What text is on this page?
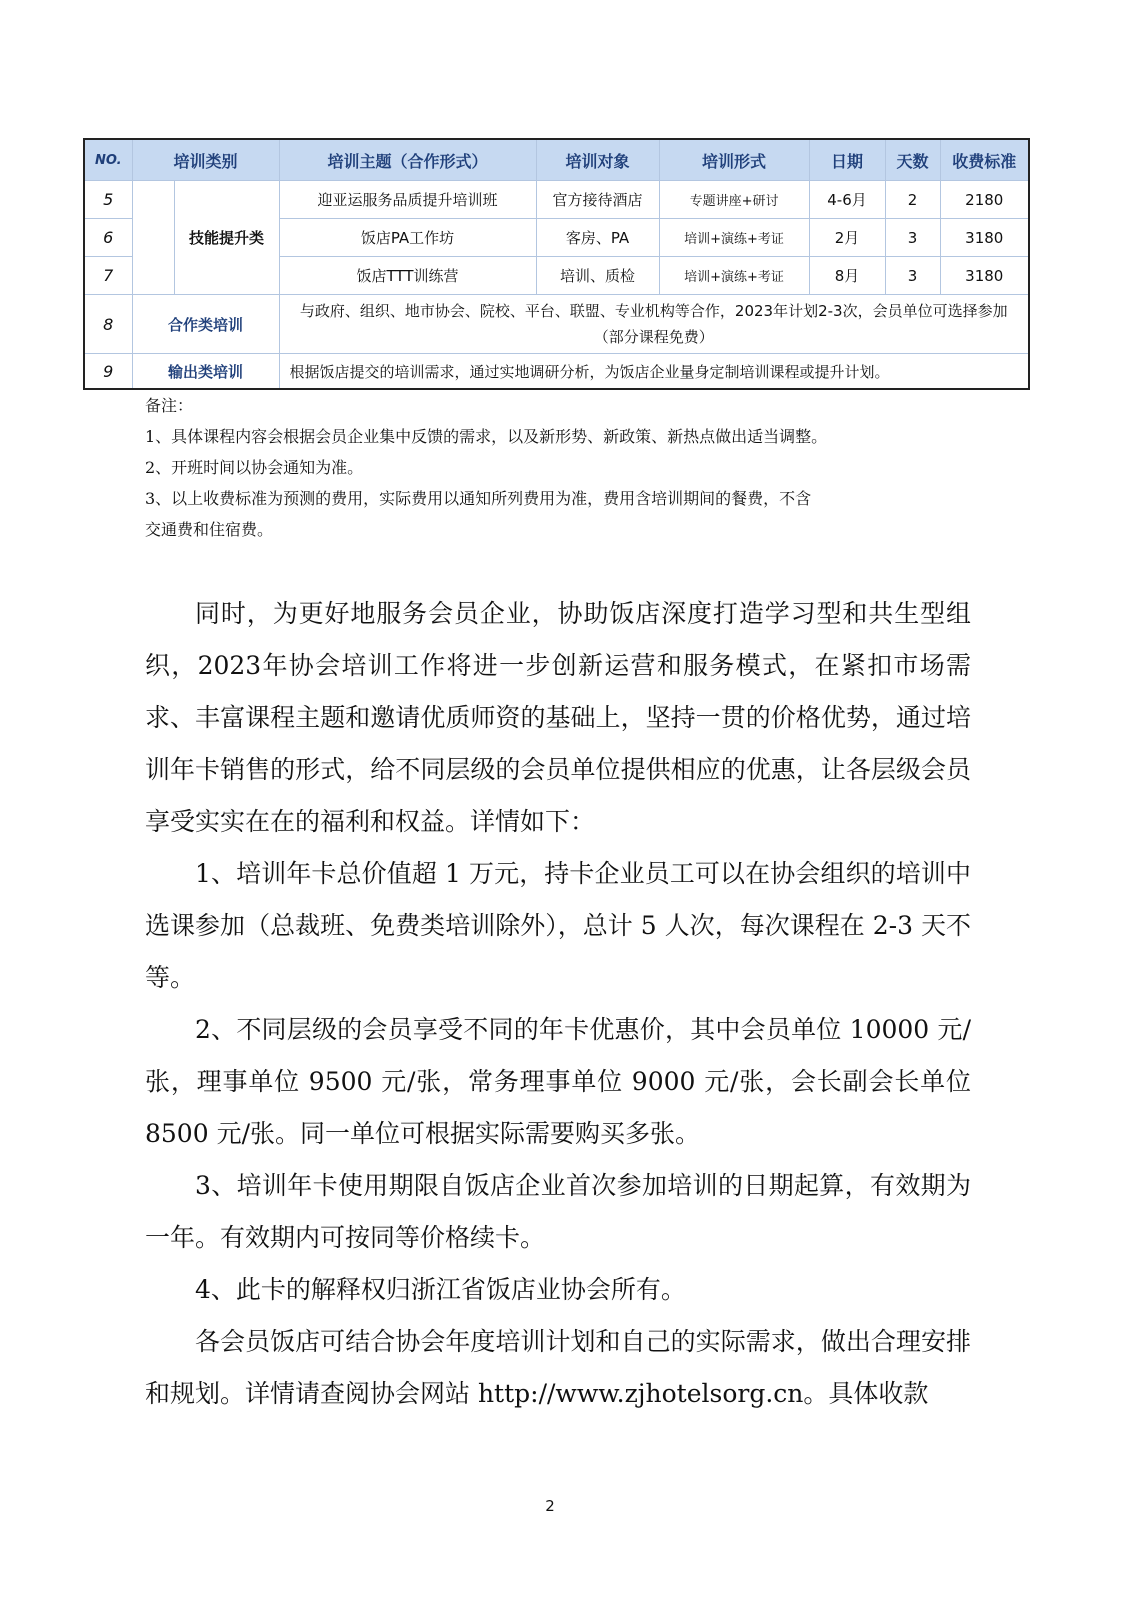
NO.	培训类别		培训主题（合作形式）	培训对象	培训形式	日期	天数	收费标准
5		技能提升类	迎亚运服务品质提升培训班	官方接待酒店	专题讲座+研讨	4-6月	2	2180
6			饭店PA工作坊	客房、PA	培训+演练+考证	2月	3	3180
7			饭店TTT训练营	培训、质检	培训+演练+考证	8月	3	3180
8	合作类培训		与政府、组织、地市协会、院校、平台、联盟、专业机构等合作，2023年计划2-3次，会员单位可选择参加（部分课程免费）					
9	输出类培训		根据饭店提交的培训需求，通过实地调研分析，为饭店企业量身定制培训课程或提升计划。					
备注：
1、具体课程内容会根据会员企业集中反馈的需求，以及新形势、新政策、新热点做出适当调整。
2、开班时间以协会通知为准。
3、以上收费标准为预测的费用，实际费用以通知所列费用为准，费用含培训期间的餐费，不含
交通费和住宿费。

同时，为更好地服务会员企业，协助饭店深度打造学习型和共生型组织，2023年协会培训工作将进一步创新运营和服务模式，在紧扣市场需求、丰富课程主题和邀请优质师资的基础上，坚持一贯的价格优势，通过培训年卡销售的形式，给不同层级的会员单位提供相应的优惠，让各层级会员享受实实在在的福利和权益。详情如下：

1、培训年卡总价值超 1 万元，持卡企业员工可以在协会组织的培训中选课参加（总裁班、免费类培训除外），总计 5 人次，每次课程在 2-3 天不等。

2、不同层级的会员享受不同的年卡优惠价，其中会员单位 10000 元/张，理事单位 9500 元/张，常务理事单位 9000 元/张，会长副会长单位8500 元/张。同一单位可根据实际需要购买多张。

3、培训年卡使用期限自饭店企业首次参加培训的日期起算，有效期为一年。有效期内可按同等价格续卡。

4、此卡的解释权归浙江省饭店业协会所有。

各会员饭店可结合协会年度培训计划和自己的实际需求，做出合理安排和规划。详情请查阅协会网站 http://www.zjhotelsorg.cn。具体收款

2
